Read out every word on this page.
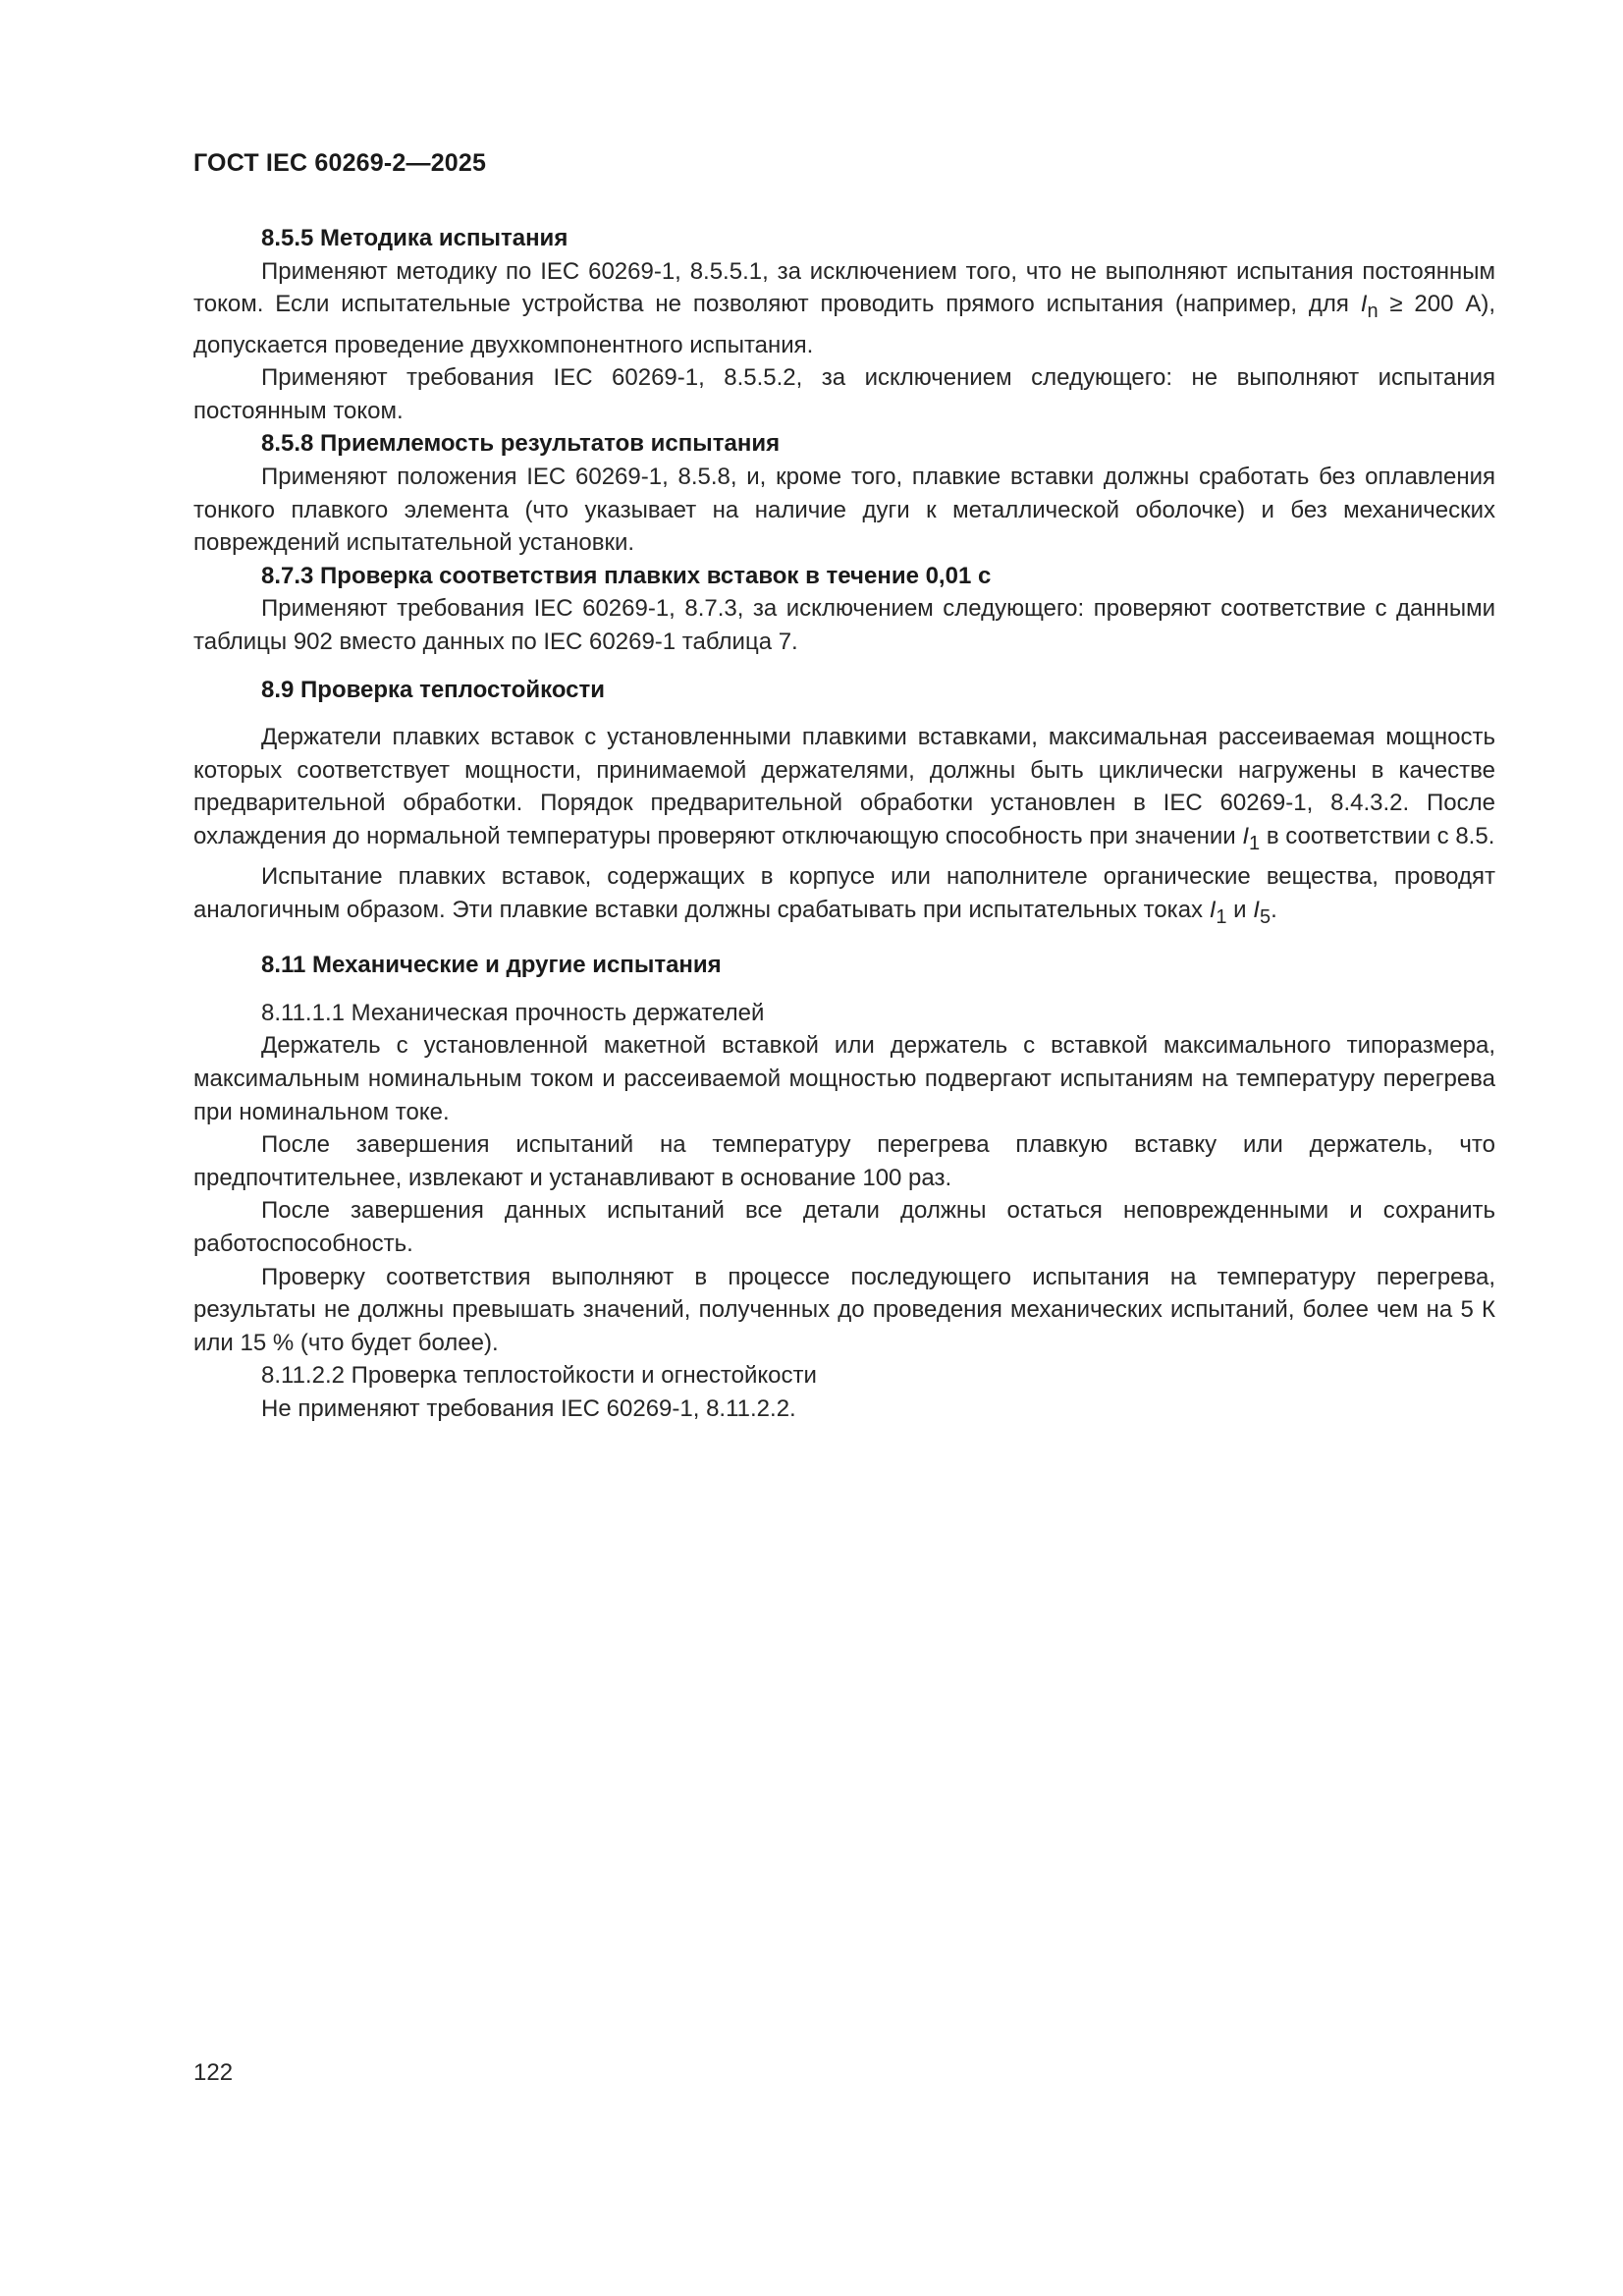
ГОСТ IEC 60269-2—2025
8.5.5 Методика испытания

Применяют методику по IEC 60269-1, 8.5.5.1, за исключением того, что не выполняют испытания постоянным током. Если испытательные устройства не позволяют проводить прямого испытания (например, для $I_n \ge 200$ А), допускается проведение двухкомпонентного испытания.

Применяют требования IEC 60269-1, 8.5.5.2, за исключением следующего: не выполняют испытания постоянным током.

8.5.8 Приемлемость результатов испытания

Применяют положения IEC 60269-1, 8.5.8, и, кроме того, плавкие вставки должны сработать без оплавления тонкого плавкого элемента (что указывает на наличие дуги к металлической оболочке) и без механических повреждений испытательной установки.

8.7.3 Проверка соответствия плавких вставок в течение 0,01 с

Применяют требования IEC 60269-1, 8.7.3, за исключением следующего: проверяют соответствие с данными таблицы 902 вместо данных по IEC 60269-1 таблица 7.

8.9 Проверка теплостойкости

Держатели плавких вставок с установленными плавкими вставками, максимальная рассеиваемая мощность которых соответствует мощности, принимаемой держателями, должны быть циклически нагружены в качестве предварительной обработки. Порядок предварительной обработки установлен в IEC 60269-1, 8.4.3.2. После охлаждения до нормальной температуры проверяют отключающую способность при значении $I_1$ в соответствии с 8.5.

Испытание плавких вставок, содержащих в корпусе или наполнителе органические вещества, проводят аналогичным образом. Эти плавкие вставки должны срабатывать при испытательных токах $I_1$ и $I_5$.

8.11 Механические и другие испытания

8.11.1.1 Механическая прочность держателей

Держатель с установленной макетной вставкой или держатель с вставкой максимального типоразмера, максимальным номинальным током и рассеиваемой мощностью подвергают испытаниям на температуру перегрева при номинальном токе.

После завершения испытаний на температуру перегрева плавкую вставку или держатель, что предпочтительнее, извлекают и устанавливают в основание 100 раз.

После завершения данных испытаний все детали должны остаться неповрежденными и сохранить работоспособность.

Проверку соответствия выполняют в процессе последующего испытания на температуру перегрева, результаты не должны превышать значений, полученных до проведения механических испытаний, более чем на 5 К или 15 % (что будет более).

8.11.2.2 Проверка теплостойкости и огнестойкости

Не применяют требования IEC 60269-1, 8.11.2.2.

122
